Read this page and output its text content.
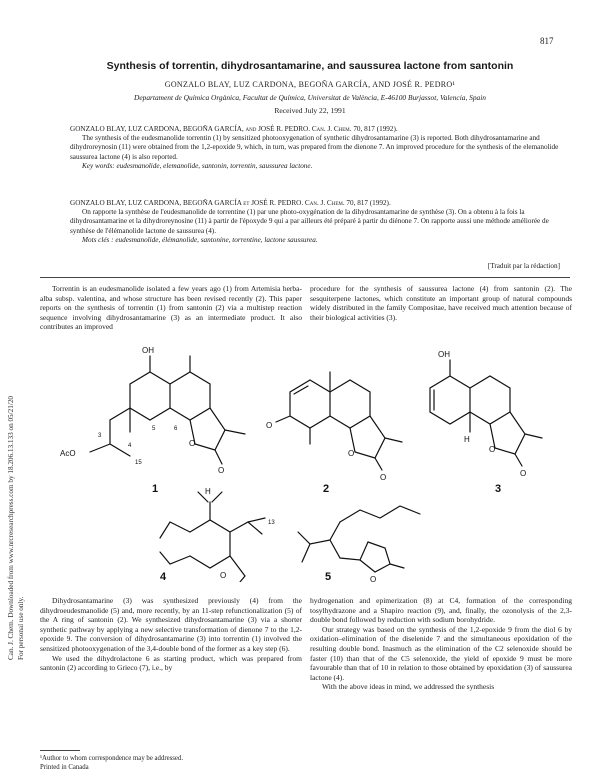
817
Can. J. Chem. Downloaded from www.nrcresearchpress.com by 18.206.13.133 on 05/21/20 For personal use only.
Synthesis of torrentin, dihydrosantamarine, and saussurea lactone from santonin
GONZALO BLAY, LUZ CARDONA, BEGOÑA GARCÍA, AND JOSÉ R. PEDRO¹
Departament de Química Orgànica, Facultat de Química, Universitat de València, E-46100 Burjassot, Valencia, Spain
Received July 22, 1991

GONZALO BLAY, LUZ CARDONA, BEGOÑA GARCÍA, and JOSÉ R. PEDRO. Can. J. Chem. 70, 817 (1992).

The synthesis of the eudesmanolide torrentin (1) by sensitized photooxygenation of synthetic dihydrosantamarine (3) is reported. Both dihydrosantamarine and dihydroreynosin (11) were obtained from the 1,2-epoxide 9, which, in turn, was prepared from the dienone 7. An improved procedure for the synthesis of the elemanolide saussurea lactone (4) is also reported.

Key words: eudesmanolide, elemanolide, santonin, torrentin, saussurea lactone.

GONZALO BLAY, LUZ CARDONA, BEGOÑA GARCÍA et JOSÉ R. PEDRO. Can. J. Chem. 70, 817 (1992).

On rapporte la synthèse de l'eudesmanolide de torrentine (1) par une photo-oxygénation de la dihydrosantamarine de synthèse (3). On a obtenu à la fois la dihydrosantamarine et la dihydroreynosine (11) à partir de l'époxyde 9 qui a par ailleurs été préparé à partir du diénone 7. On rapporte aussi une méthode améliorée de synthèse de l'élémanolide lactone de saussurea (4).

Mots clés : eudesmanolide, élémanolide, santonine, torrentine, lactone saussurea.

[Traduit par la rédaction]

Torrentin is an eudesmanolide isolated a few years ago (1) from Artemisia herba-alba subsp. valentina, and whose structure has been revised recently (2). This paper reports on the synthesis of torrentin (1) from santonin (2) via a multistep reaction sequence involving dihydrosantamarine (3) as an intermediate product. It also contributes an improved

procedure for the synthesis of saussurea lactone (4) from santonin (2). The sesquiterpene lactones, which constitute an important group of natural compounds widely distributed in the family Compositae, have received much attention because of their biological activities (3).

OH
AcO
O
O
3
4
15
5	6
1
O
O
O
2
OH
H
O
O
3
H
O
13
4	O
5

Dihydrosantamarine (3) was synthesized previously (4) from the dihydroeudesmanolide (5) and, more recently, by an 11-step refunctionalization (5) of the A ring of santonin (2). We synthesized dihydrosantamarine (3) via a shorter synthetic pathway by applying a new selective transformation of dienone 7 to the 1,2-epoxide 9. The conversion of dihydrosantamarine (3) into torrentin (1) involved the sensitized photooxygenation of the 3,4-double bond of the former as a key step (6).

We used the dihydrolactone 6 as starting product, which was prepared from santonin (2) according to Grieco (7), i.e., by

hydrogenation and epimerization (8) at C4, formation of the corresponding tosylhydrazone and a Shapiro reaction (9), and, finally, the ozonolysis of the 2,3-double bond followed by reduction with sodium borohydride.

Our strategy was based on the synthesis of the 1,2-epoxide 9 from the diol 6 by oxidation–elimination of the diselenide 7 and the simultaneous epoxidation of the resulting double bond. Inasmuch as the elimination of the C2 selenoxide should be faster (10) than that of the C5 selenoxide, the yield of epoxide 9 must be more favourable than that of 10 in relation to those obtained by epoxidation (3) of saussurea lactone (4).

With the above ideas in mind, we addressed the synthesis

¹Author to whom correspondence may be addressed.
Printed in Canada
